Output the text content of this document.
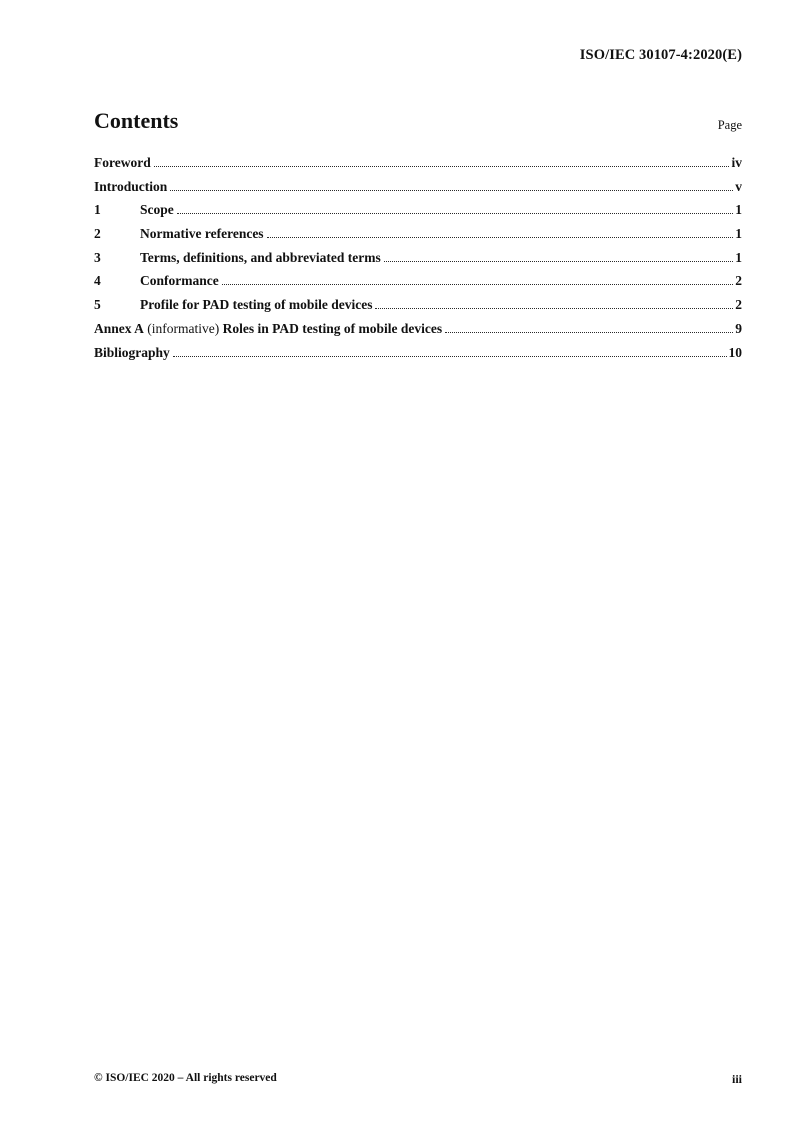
ISO/IEC 30107-4:2020(E)
Contents	Page
Foreword	iv
Introduction	v
1	Scope	1
2	Normative references	1
3	Terms, definitions, and abbreviated terms	1
4	Conformance	2
5	Profile for PAD testing of mobile devices	2
Annex A (informative) Roles in PAD testing of mobile devices	9
Bibliography	10
© ISO/IEC 2020 – All rights reserved	iii
